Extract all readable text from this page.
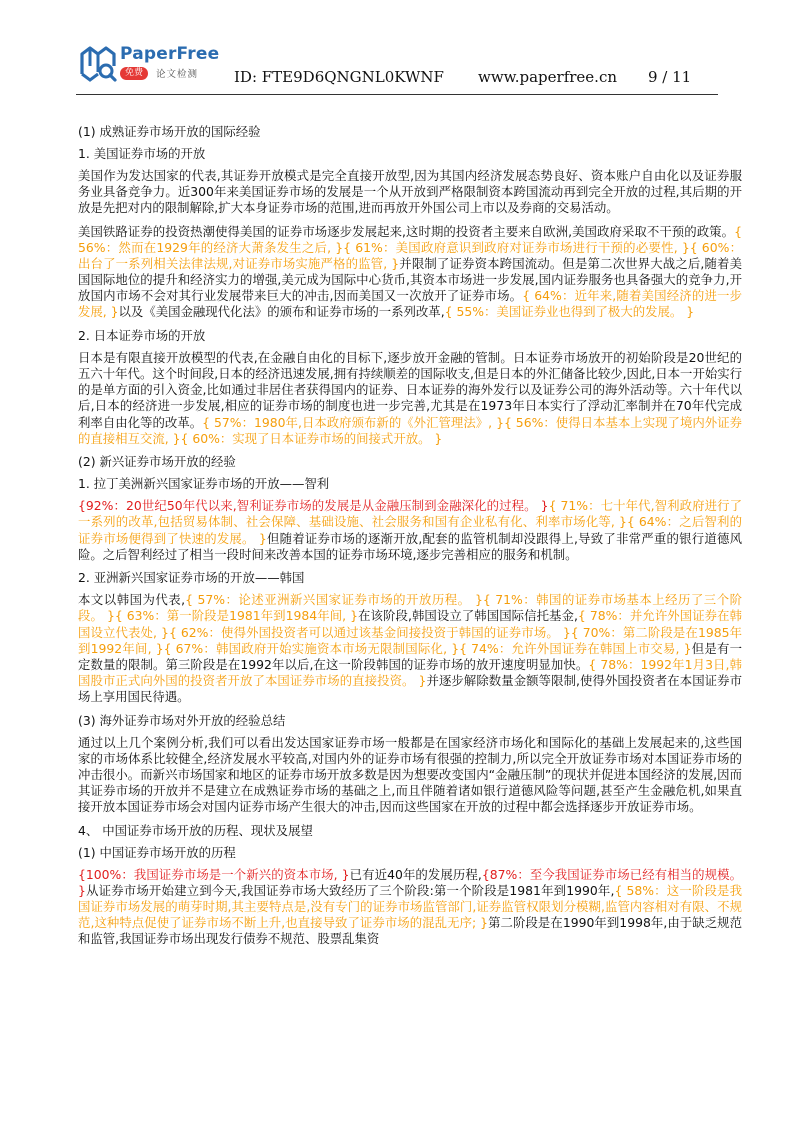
PaperFree
免费	论文检测 ID: FTE9D6QNGNL0KWNF www.paperfree.cn 9 / 11

(1) 成熟证券市场开放的国际经验

1. 美国证券市场的开放

美国作为发达国家的代表,其证券开放模式是完全直接开放型,因为其国内经济发展态势良好、资本账户自由化以及证券服务业具备竞争力。近300年来美国证券市场的发展是一个从开放到严格限制资本跨国流动再到完全开放的过程,其后期的开放是先把对内的限制解除,扩大本身证券市场的范围,进而再放开外国公司上市以及券商的交易活动。

美国铁路证券的投资热潮使得美国的证券市场逐步发展起来,这时期的投资者主要来自欧洲,美国政府采取不干预的政策。{ 56%：然而在1929年的经济大萧条发生之后, }{ 61%：美国政府意识到政府对证券市场进行干预的必要性, }{ 60%：出台了一系列相关法律法规,对证券市场实施严格的监管, }并限制了证券资本跨国流动。但是第二次世界大战之后,随着美国国际地位的提升和经济实力的增强,美元成为国际中心货币,其资本市场进一步发展,国内证券服务也具备强大的竞争力,开放国内市场不会对其行业发展带来巨大的冲击,因而美国又一次放开了证券市场。{ 64%：近年来,随着美国经济的进一步发展, }以及《美国金融现代化法》的颁布和证券市场的一系列改革,{ 55%：美国证券业也得到了极大的发展。 }

2. 日本证券市场的开放

日本是有限直接开放模型的代表,在金融自由化的目标下,逐步放开金融的管制。日本证券市场放开的初始阶段是20世纪的五六十年代。这个时间段,日本的经济迅速发展,拥有持续顺差的国际收支,但是日本的外汇储备比较少,因此,日本一开始实行的是单方面的引入资金,比如通过非居住者获得国内的证券、日本证券的海外发行以及证券公司的海外活动等。六十年代以后,日本的经济进一步发展,相应的证券市场的制度也进一步完善,尤其是在1973年日本实行了浮动汇率制并在70年代完成利率自由化等的改革。{ 57%：1980年,日本政府颁布新的《外汇管理法》, }{ 56%：使得日本基本上实现了境内外证券的直接相互交流, }{ 60%：实现了日本证券市场的间接式开放。 }

(2) 新兴证券市场开放的经验

1. 拉丁美洲新兴国家证券市场的开放——智利

{92%：20世纪50年代以来,智利证券市场的发展是从金融压制到金融深化的过程。 }{ 71%：七十年代,智利政府进行了一系列的改革,包括贸易体制、社会保障、基础设施、社会服务和国有企业私有化、利率市场化等, }{ 64%：之后智利的证券市场便得到了快速的发展。 }但随着证券市场的逐渐开放,配套的监管机制却没跟得上,导致了非常严重的银行道德风险。之后智利经过了相当一段时间来改善本国的证券市场环境,逐步完善相应的服务和机制。

2. 亚洲新兴国家证券市场的开放——韩国

本文以韩国为代表,{ 57%：论述亚洲新兴国家证券市场的开放历程。 }{ 71%：韩国的证券市场基本上经历了三个阶段。 }{ 63%：第一阶段是1981年到1984年间, }在该阶段,韩国设立了韩国国际信托基金,{ 78%：并允许外国证券在韩国设立代表处, }{ 62%：使得外国投资者可以通过该基金间接投资于韩国的证券市场。 }{ 70%：第二阶段是在1985年到1992年间, }{ 67%：韩国政府开始实施资本市场无限制国际化, }{ 74%：允许外国证券在韩国上市交易, }但是有一定数量的限制。第三阶段是在1992年以后,在这一阶段韩国的证券市场的放开速度明显加快。{ 78%：1992年1月3日,韩国股市正式向外国的投资者开放了本国证券市场的直接投资。 }并逐步解除数量金额等限制,使得外国投资者在本国证券市场上享用国民待遇。

(3) 海外证券市场对外开放的经验总结

通过以上几个案例分析,我们可以看出发达国家证券市场一般都是在国家经济市场化和国际化的基础上发展起来的,这些国家的市场体系比较健全,经济发展水平较高,对国内外的证券市场有很强的控制力,所以完全开放证券市场对本国证券市场的冲击很小。而新兴市场国家和地区的证券市场开放多数是因为想要改变国内“金融压制”的现状并促进本国经济的发展,因而其证券市场的开放并不是建立在成熟证券市场的基础之上,而且伴随着诸如银行道德风险等问题,甚至产生金融危机,如果直接开放本国证券市场会对国内证券市场产生很大的冲击,因而这些国家在开放的过程中都会选择逐步开放证券市场。

4、 中国证券市场开放的历程、现状及展望

(1) 中国证券市场开放的历程

{100%：我国证券市场是一个新兴的资本市场, }已有近40年的发展历程,{87%：至今我国证券市场已经有相当的规模。 }从证券市场开始建立到今天,我国证券市场大致经历了三个阶段:第一个阶段是1981年到1990年,{ 58%：这一阶段是我国证券市场发展的萌芽时期,其主要特点是,没有专门的证券市场监管部门,证券监管权限划分模糊,监管内容相对有限、不规范,这种特点促使了证券市场不断上升,也直接导致了证券市场的混乱无序; }第二阶段是在1990年到1998年,由于缺乏规范和监管,我国证券市场出现发行债券不规范、股票乱集资
